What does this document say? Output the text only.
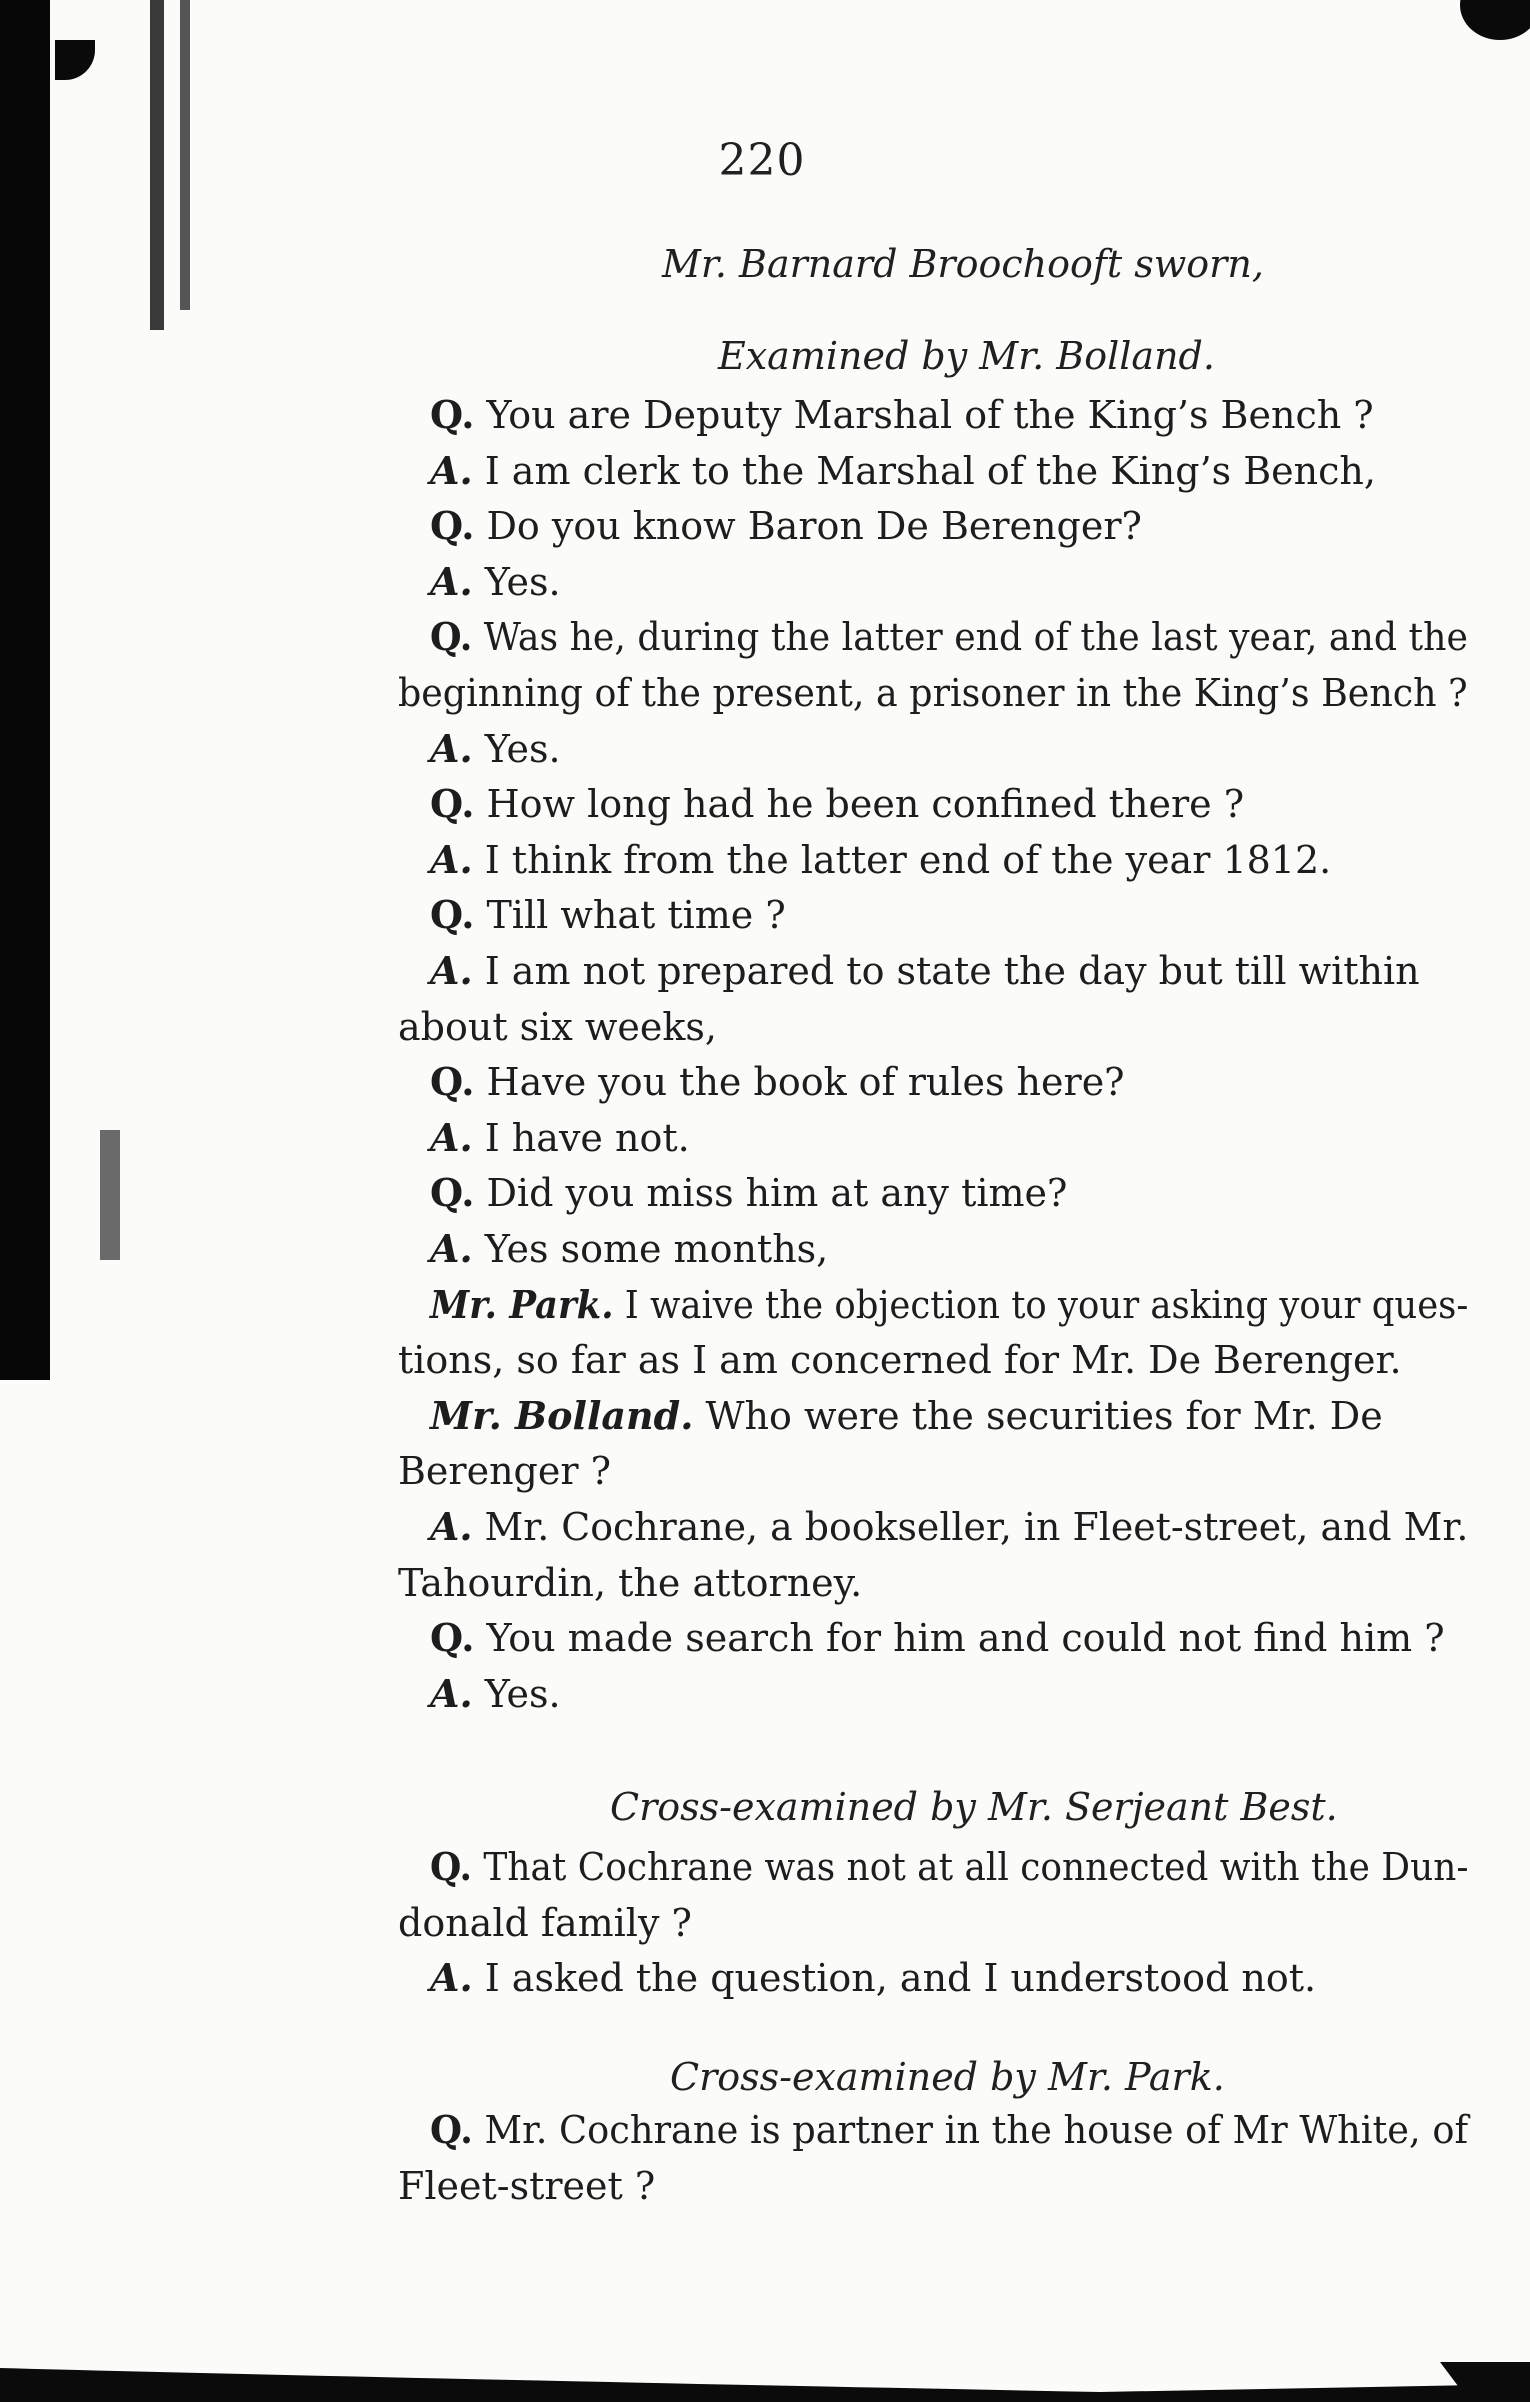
220
Mr. Barnard Broochooft sworn,
Examined by Mr. Bolland.
Q. You are Deputy Marshal of the King’s Bench ?
A. I am clerk to the Marshal of the King’s Bench,
Q. Do you know Baron De Berenger?
A. Yes.
Q. Was he, during the latter end of the last year, and the
beginning of the present, a prisoner in the King’s Bench ?
A. Yes.
Q. How long had he been confined there ?
A. I think from the latter end of the year 1812.
Q. Till what time ?
A. I am not prepared to state the day but till within
about six weeks,
Q. Have you the book of rules here?
A. I have not.
Q. Did you miss him at any time?
A. Yes some months,
Mr. Park. I waive the objection to your asking your ques-
tions, so far as I am concerned for Mr. De Berenger.
Mr. Bolland. Who were the securities for Mr. De
Berenger ?
A. Mr. Cochrane, a bookseller, in Fleet-street, and Mr.
Tahourdin, the attorney.
Q. You made search for him and could not find him ?
A. Yes.
Cross-examined by Mr. Serjeant Best.
Q. That Cochrane was not at all connected with the Dun-
donald family ?
A. I asked the question, and I understood not.
Cross-examined by Mr. Park.
Q. Mr. Cochrane is partner in the house of Mr White, of
Fleet-street ?
